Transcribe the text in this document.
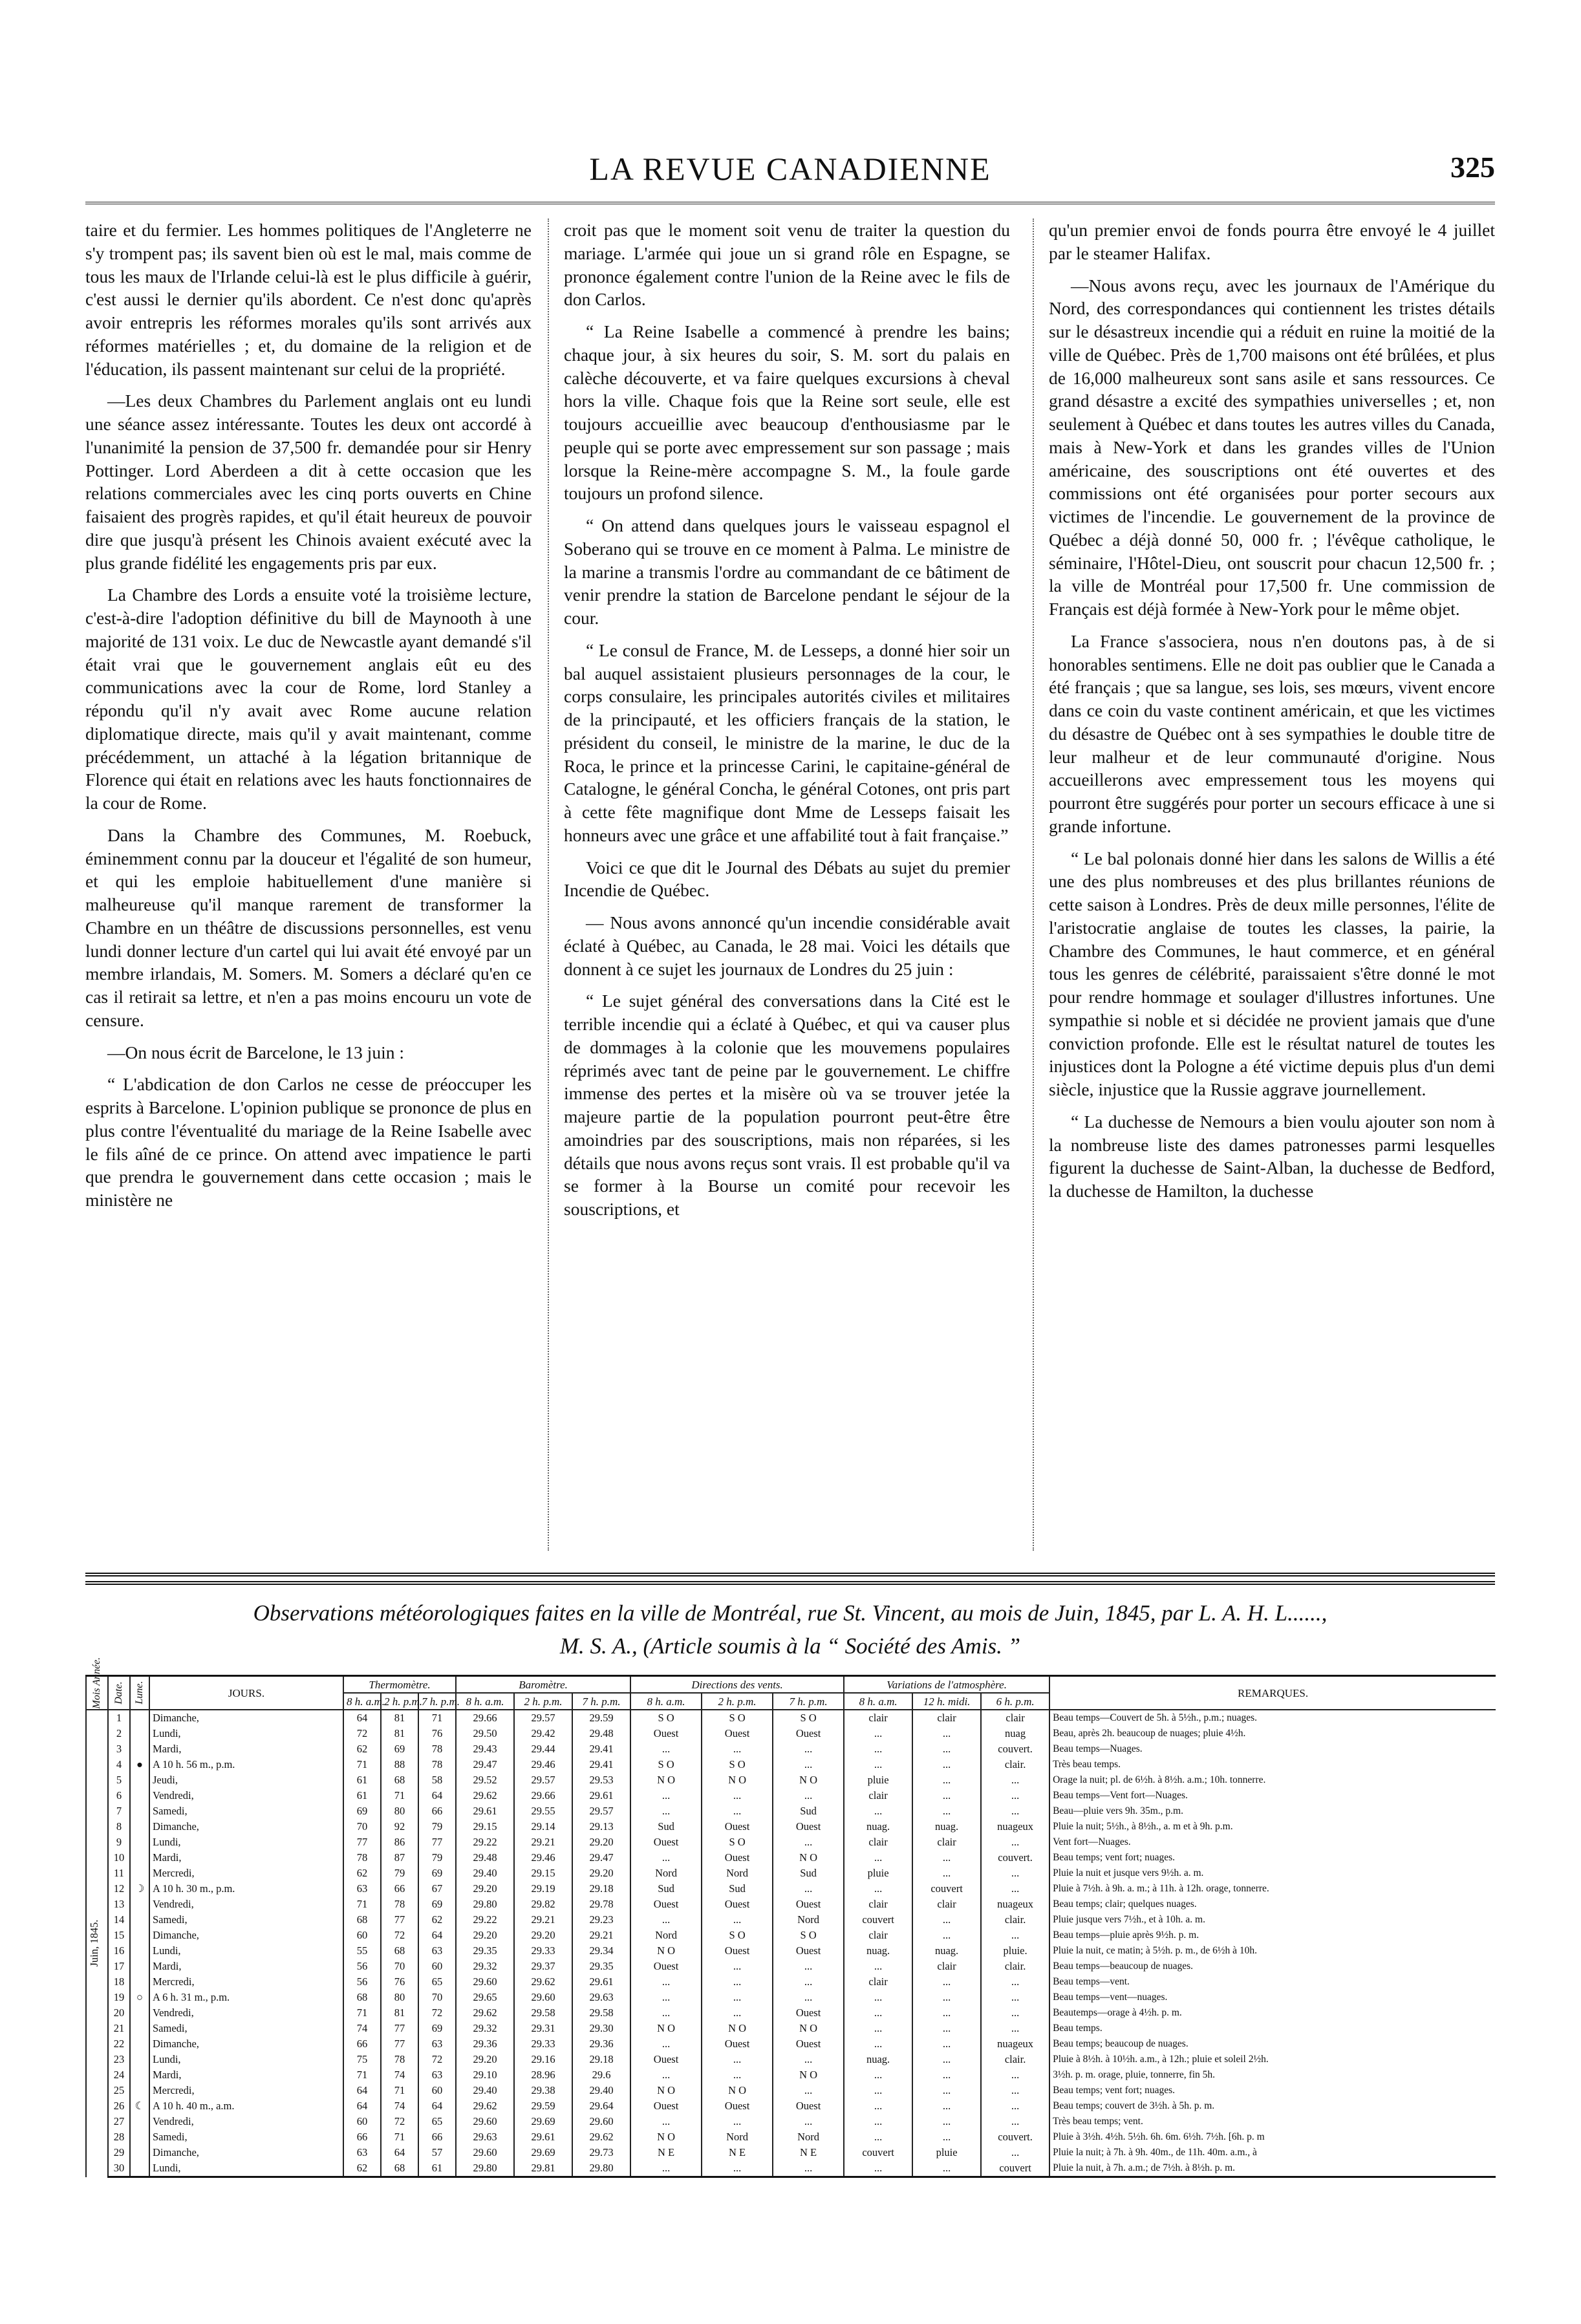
LA REVUE CANADIENNE	325

taire et du fermier. Les hommes politiques de l'Angleterre ne s'y trompent pas; ils savent bien où est le mal, mais comme de tous les maux de l'Irlande celui-là est le plus difficile à guérir, c'est aussi le dernier qu'ils abordent. Ce n'est donc qu'après avoir entrepris les réformes morales qu'ils sont arrivés aux réformes matérielles ; et, du domaine de la religion et de l'éducation, ils passent maintenant sur celui de la propriété.

—Les deux Chambres du Parlement anglais ont eu lundi une séance assez intéressante. Toutes les deux ont accordé à l'unanimité la pension de 37,500 fr. demandée pour sir Henry Pottinger. Lord Aberdeen a dit à cette occasion que les relations commerciales avec les cinq ports ouverts en Chine faisaient des progrès rapides, et qu'il était heureux de pouvoir dire que jusqu'à présent les Chinois avaient exécuté avec la plus grande fidélité les engagements pris par eux.

La Chambre des Lords a ensuite voté la troisième lecture, c'est-à-dire l'adoption définitive du bill de Maynooth à une majorité de 131 voix. Le duc de Newcastle ayant demandé s'il était vrai que le gouvernement anglais eût eu des communications avec la cour de Rome, lord Stanley a répondu qu'il n'y avait avec Rome aucune relation diplomatique directe, mais qu'il y avait maintenant, comme précédemment, un attaché à la légation britannique de Florence qui était en relations avec les hauts fonctionnaires de la cour de Rome.

Dans la Chambre des Communes, M. Roebuck, éminemment connu par la douceur et l'égalité de son humeur, et qui les emploie habituellement d'une manière si malheureuse qu'il manque rarement de transformer la Chambre en un théâtre de discussions personnelles, est venu lundi donner lecture d'un cartel qui lui avait été envoyé par un membre irlandais, M. Somers. M. Somers a déclaré qu'en ce cas il retirait sa lettre, et n'en a pas moins encouru un vote de censure.

—On nous écrit de Barcelone, le 13 juin :

“ L'abdication de don Carlos ne cesse de préoccuper les esprits à Barcelone. L'opinion publique se prononce de plus en plus contre l'éventualité du mariage de la Reine Isabelle avec le fils aîné de ce prince. On attend avec impatience le parti que prendra le gouvernement dans cette occasion ; mais le ministère ne

croit pas que le moment soit venu de traiter la question du mariage. L'armée qui joue un si grand rôle en Espagne, se prononce également contre l'union de la Reine avec le fils de don Carlos.

“ La Reine Isabelle a commencé à prendre les bains; chaque jour, à six heures du soir, S. M. sort du palais en calèche découverte, et va faire quelques excursions à cheval hors la ville. Chaque fois que la Reine sort seule, elle est toujours accueillie avec beaucoup d'enthousiasme par le peuple qui se porte avec empressement sur son passage ; mais lorsque la Reine-mère accompagne S. M., la foule garde toujours un profond silence.

“ On attend dans quelques jours le vaisseau espagnol el Soberano qui se trouve en ce moment à Palma. Le ministre de la marine a transmis l'ordre au commandant de ce bâtiment de venir prendre la station de Barcelone pendant le séjour de la cour.

“ Le consul de France, M. de Lesseps, a donné hier soir un bal auquel assistaient plusieurs personnages de la cour, le corps consulaire, les principales autorités civiles et militaires de la principauté, et les officiers français de la station, le président du conseil, le ministre de la marine, le duc de la Roca, le prince et la princesse Carini, le capitaine-général de Catalogne, le général Concha, le général Cotones, ont pris part à cette fête magnifique dont Mme de Lesseps faisait les honneurs avec une grâce et une affabilité tout à fait française.”

Voici ce que dit le Journal des Débats au sujet du premier Incendie de Québec.

— Nous avons annoncé qu'un incendie considérable avait éclaté à Québec, au Canada, le 28 mai. Voici les détails que donnent à ce sujet les journaux de Londres du 25 juin :

“ Le sujet général des conversations dans la Cité est le terrible incendie qui a éclaté à Québec, et qui va causer plus de dommages à la colonie que les mouvemens populaires réprimés avec tant de peine par le gouvernement. Le chiffre immense des pertes et la misère où va se trouver jetée la majeure partie de la population pourront peut-être être amoindries par des souscriptions, mais non réparées, si les détails que nous avons reçus sont vrais. Il est probable qu'il va se former à la Bourse un comité pour recevoir les souscriptions, et

qu'un premier envoi de fonds pourra être envoyé le 4 juillet par le steamer Halifax.

—Nous avons reçu, avec les journaux de l'Amérique du Nord, des correspondances qui contiennent les tristes détails sur le désastreux incendie qui a réduit en ruine la moitié de la ville de Québec. Près de 1,700 maisons ont été brûlées, et plus de 16,000 malheureux sont sans asile et sans ressources. Ce grand désastre a excité des sympathies universelles ; et, non seulement à Québec et dans toutes les autres villes du Canada, mais à New-York et dans les grandes villes de l'Union américaine, des souscriptions ont été ouvertes et des commissions ont été organisées pour porter secours aux victimes de l'incendie. Le gouvernement de la province de Québec a déjà donné 50, 000 fr. ; l'évêque catholique, le séminaire, l'Hôtel-Dieu, ont souscrit pour chacun 12,500 fr. ; la ville de Montréal pour 17,500 fr. Une commission de Français est déjà formée à New-York pour le même objet.

La France s'associera, nous n'en doutons pas, à de si honorables sentimens. Elle ne doit pas oublier que le Canada a été français ; que sa langue, ses lois, ses mœurs, vivent encore dans ce coin du vaste continent américain, et que les victimes du désastre de Québec ont à ses sympathies le double titre de leur malheur et de leur communauté d'origine. Nous accueillerons avec empressement tous les moyens qui pourront être suggérés pour porter un secours efficace à une si grande infortune.

“ Le bal polonais donné hier dans les salons de Willis a été une des plus nombreuses et des plus brillantes réunions de cette saison à Londres. Près de deux mille personnes, l'élite de l'aristocratie anglaise de toutes les classes, la pairie, la Chambre des Communes, le haut commerce, et en général tous les genres de célébrité, paraissaient s'être donné le mot pour rendre hommage et soulager d'illustres infortunes. Une sympathie si noble et si décidée ne provient jamais que d'une conviction profonde. Elle est le résultat naturel de toutes les injustices dont la Pologne a été victime depuis plus d'un demi siècle, injustice que la Russie aggrave journellement.

“ La duchesse de Nemours a bien voulu ajouter son nom à la nombreuse liste des dames patronesses parmi lesquelles figurent la duchesse de Saint-Alban, la duchesse de Bedford, la duchesse de Hamilton, la duchesse

Observations météorologiques faites en la ville de Montréal, rue St. Vincent, au mois de Juin, 1845, par L. A. H. L......,
M. S. A., (Article soumis à la “ Société des Amis. ”
Mois Année.	Date.	Lune.	JOURS.	Thermomètre.			Baromètre.			Directions des vents.			Variations de l'atmosphère.			REMARQUES.
				8 h. a.m.	2 h. p.m.	7 h. p.m.	8 h. a.m.	2 h. p.m.	7 h. p.m.	8 h. a.m.	2 h. p.m.	7 h. p.m.	8 h. a.m.	12 h. midi.	6 h. p.m.	
Juin, 1845.	1		Dimanche,	64	81	71	29.66	29.57	29.59	S O	S O	S O	clair	clair	clair	Beau temps—Couvert de 5h. à 5½h., p.m.; nuages.
	2		Lundi,	72	81	76	29.50	29.42	29.48	Ouest	Ouest	Ouest	...	...	nuag	Beau, après 2h. beaucoup de nuages; pluie 4½h.
	3		Mardi,	62	69	78	29.43	29.44	29.41	...	...	...	...	...	couvert.	Beau temps—Nuages.
	4	●	A 10 h. 56 m., p.m.	71	88	78	29.47	29.46	29.41	S O	S O	...	...	...	clair.	Très beau temps.
	5		Jeudi,	61	68	58	29.52	29.57	29.53	N O	N O	N O	pluie	...	...	Orage la nuit; pl. de 6½h. à 8½h. a.m.; 10h. tonnerre.
	6		Vendredi,	61	71	64	29.62	29.66	29.61	...	...	...	clair	...	...	Beau temps—Vent fort—Nuages.
	7		Samedi,	69	80	66	29.61	29.55	29.57	...	...	Sud	...	...	...	Beau—pluie vers 9h. 35m., p.m.
	8		Dimanche,	70	92	79	29.15	29.14	29.13	Sud	Ouest	Ouest	nuag.	nuag.	nuageux	Pluie la nuit; 5½h., à 8½h., a. m et à 9h. p.m.
	9		Lundi,	77	86	77	29.22	29.21	29.20	Ouest	S O	...	clair	clair	...	Vent fort—Nuages.
	10		Mardi,	78	87	79	29.48	29.46	29.47	...	Ouest	N O	...	...	couvert.	Beau temps; vent fort; nuages.
	11		Mercredi,	62	79	69	29.40	29.15	29.20	Nord	Nord	Sud	pluie	...	...	Pluie la nuit et jusque vers 9½h. a. m.
	12	☽	A 10 h. 30 m., p.m.	63	66	67	29.20	29.19	29.18	Sud	Sud	...	...	couvert	...	Pluie à 7½h. à 9h. a. m.; à 11h. à 12h. orage, tonnerre.
	13		Vendredi,	71	78	69	29.80	29.82	29.78	Ouest	Ouest	Ouest	clair	clair	nuageux	Beau temps; clair; quelques nuages.
	14		Samedi,	68	77	62	29.22	29.21	29.23	...	...	Nord	couvert	...	clair.	Pluie jusque vers 7½h., et à 10h. a. m.
	15		Dimanche,	60	72	64	29.20	29.20	29.21	Nord	S O	S O	clair	...	...	Beau temps—pluie après 9½h. p. m.
	16		Lundi,	55	68	63	29.35	29.33	29.34	N O	Ouest	Ouest	nuag.	nuag.	pluie.	Pluie la nuit, ce matin; à 5½h. p. m., de 6½h à 10h.
	17		Mardi,	56	70	60	29.32	29.37	29.35	Ouest	...	...	...	clair	clair.	Beau temps—beaucoup de nuages.
	18		Mercredi,	56	76	65	29.60	29.62	29.61	...	...	...	clair	...	...	Beau temps—vent.
	19	○	A 6 h. 31 m., p.m.	68	80	70	29.65	29.60	29.63	...	...	...	...	...	...	Beau temps—vent—nuages.
	20		Vendredi,	71	81	72	29.62	29.58	29.58	...	...	Ouest	...	...	...	Beautemps—orage à 4½h. p. m.
	21		Samedi,	74	77	69	29.32	29.31	29.30	N O	N O	N O	...	...	...	Beau temps.
	22		Dimanche,	66	77	63	29.36	29.33	29.36	...	Ouest	Ouest	...	...	nuageux	Beau temps; beaucoup de nuages.
	23		Lundi,	75	78	72	29.20	29.16	29.18	Ouest	...	...	nuag.	...	clair.	Pluie à 8½h. à 10½h. a.m., à 12h.; pluie et soleil 2½h.
	24		Mardi,	71	74	63	29.10	28.96	29.6	...	...	N O	...	...	...	3½h. p. m. orage, pluie, tonnerre, fin 5h.
	25		Mercredi,	64	71	60	29.40	29.38	29.40	N O	N O	...	...	...	...	Beau temps; vent fort; nuages.
	26	☾	A 10 h. 40 m., a.m.	64	74	64	29.62	29.59	29.64	Ouest	Ouest	Ouest	...	...	...	Beau temps; couvert de 3½h. à 5h. p. m.
	27		Vendredi,	60	72	65	29.60	29.69	29.60	...	...	...	...	...	...	Très beau temps; vent.
	28		Samedi,	66	71	66	29.63	29.61	29.62	N O	Nord	Nord	...	...	couvert.	Pluie à 3½h. 4½h. 5½h. 6h. 6m. 6½h. 7½h. [6h. p. m
	29		Dimanche,	63	64	57	29.60	29.69	29.73	N E	N E	N E	couvert	pluie	...	Pluie la nuit; à 7h. à 9h. 40m., de 11h. 40m. a.m., à
	30		Lundi,	62	68	61	29.80	29.81	29.80	...	...	...	...	...	couvert	Pluie la nuit, à 7h. a.m.; de 7½h. à 8½h. p. m.
